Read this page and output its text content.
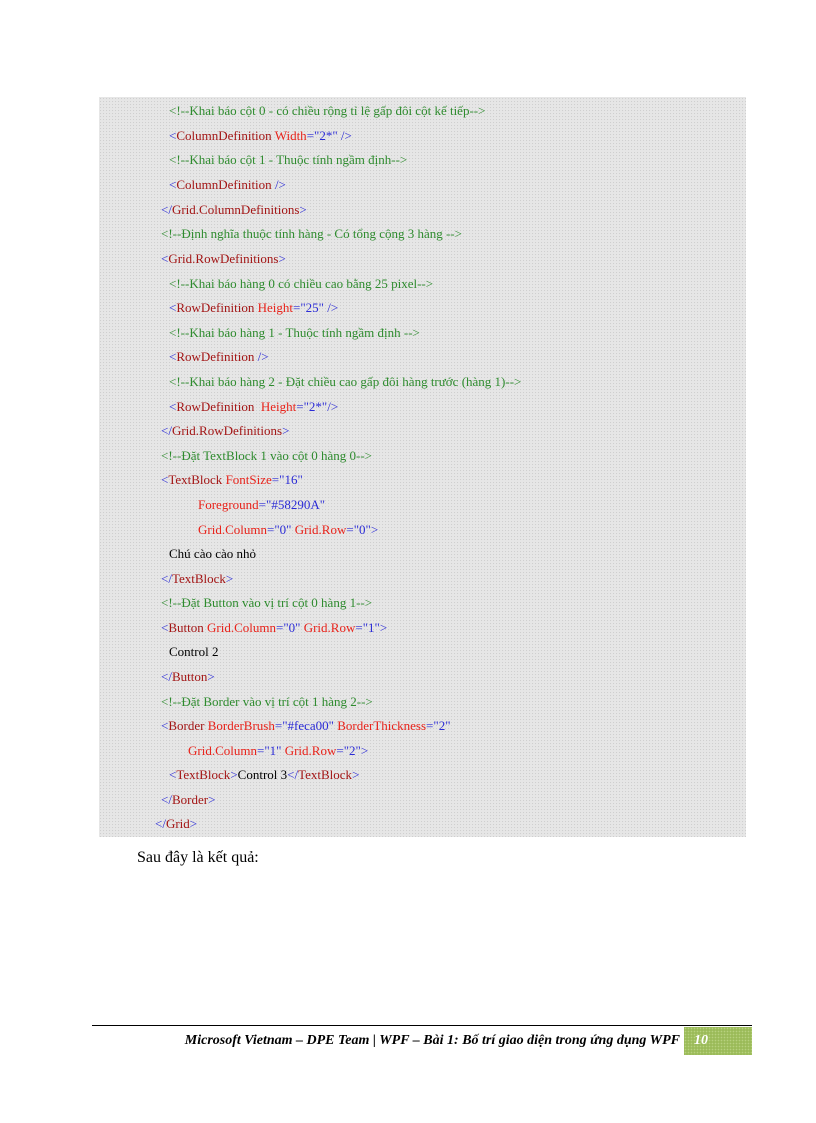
<!--Khai báo cột 0 - có chiều rộng tỉ lệ gấp đôi cột kế tiếp-->
<ColumnDefinition Width="2*" />
<!--Khai báo cột 1 - Thuộc tính ngầm định-->
<ColumnDefinition />
</Grid.ColumnDefinitions>
<!--Định nghĩa thuộc tính hàng - Có tổng cộng 3 hàng -->
<Grid.RowDefinitions>
<!--Khai báo hàng 0 có chiều cao bằng 25 pixel-->
<RowDefinition Height="25" />
<!--Khai báo hàng 1 - Thuộc tính ngầm định -->
<RowDefinition />
<!--Khai báo hàng 2 - Đặt chiều cao gấp đôi hàng trước (hàng 1)-->
<RowDefinition  Height="2*"/>
</Grid.RowDefinitions>
<!--Đặt TextBlock 1 vào cột 0 hàng 0-->
<TextBlock FontSize="16"
Foreground="#58290A"
Grid.Column="0" Grid.Row="0">
Chú cào cào nhỏ
</TextBlock>
<!--Đặt Button vào vị trí cột 0 hàng 1-->
<Button Grid.Column="0" Grid.Row="1">
Control 2
</Button>
<!--Đặt Border vào vị trí cột 1 hàng 2-->
<Border BorderBrush="#feca00" BorderThickness="2"
Grid.Column="1" Grid.Row="2">
<TextBlock>Control 3</TextBlock>
</Border>
</Grid>
Sau đây là kết quả:
Microsoft Vietnam – DPE Team | WPF – Bài 1: Bố trí giao diện trong ứng dụng WPF 10
